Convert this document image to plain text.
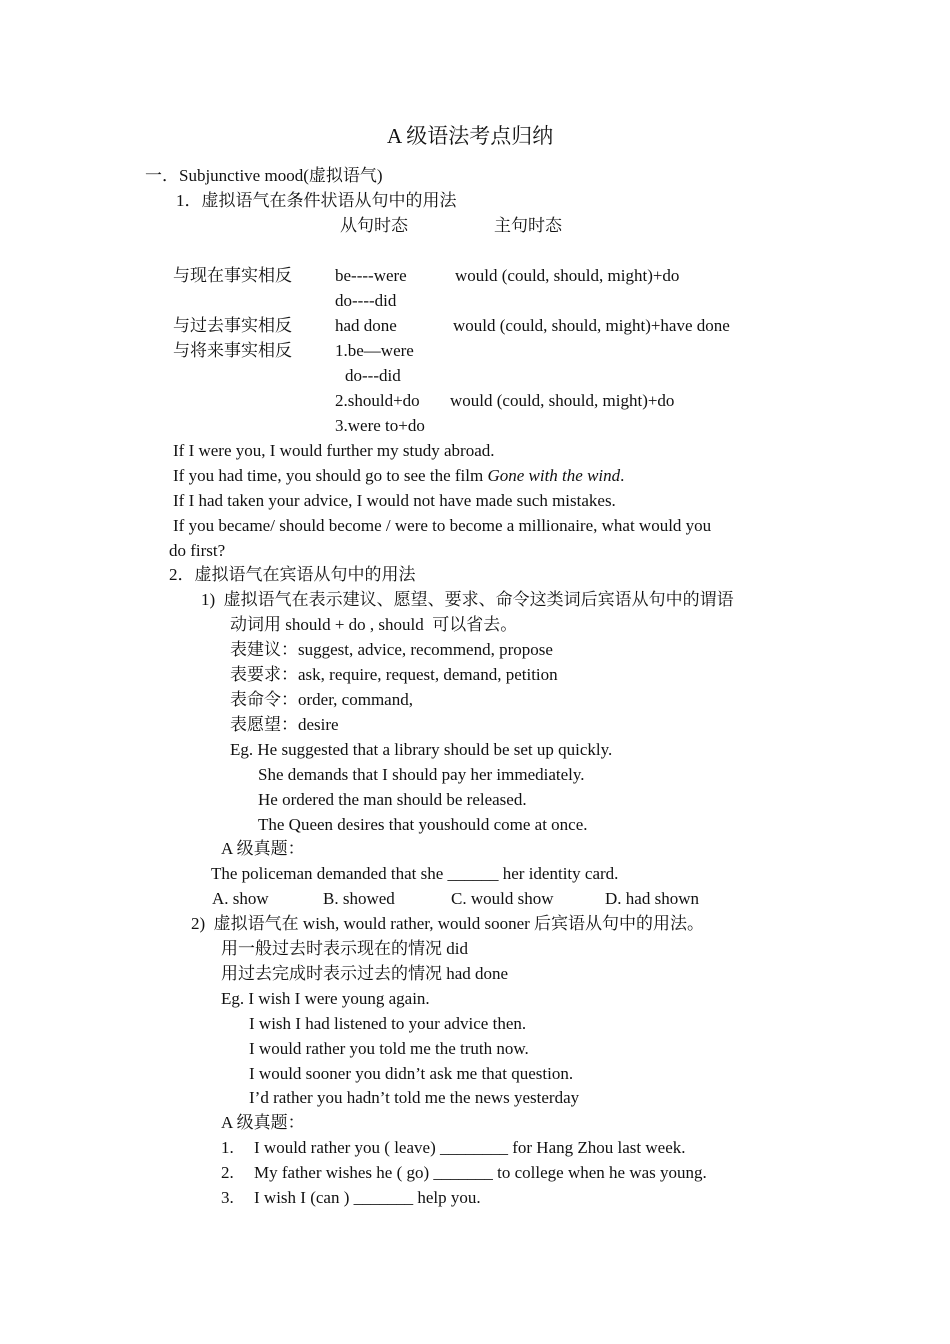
A 级语法考点归纳
一．Subjunctive mood(虚拟语气)
1．虚拟语气在条件状语从句中的用法
从句时态	主句时态
与现在事实相反	be----were	would (could, should, might)+do
do----did
与过去事实相反	had done	would (could, should, might)+have done
与将来事实相反	1.be—were
do---did
2.should+do would (could, should, might)+do
3.were to+do
If I were you, I would further my study abroad.
If you had time, you should go to see the film Gone with the wind.
If I had taken your advice, I would not have made such mistakes.
If you became/ should become / were to become a millionaire, what would you
do first?
2．虚拟语气在宾语从句中的用法
1)  虚拟语气在表示建议、愿望、要求、命令这类词后宾语从句中的谓语
动词用 should + do , should  可以省去。
表建议：suggest, advice, recommend, propose
表要求：ask, require, request, demand, petition
表命令：order, command,
表愿望：desire
Eg. He suggested that a library should be set up quickly.
She demands that I should pay her immediately.
He ordered the man should be released.
The Queen desires that youshould come at once.
A 级真题：
The policeman demanded that she ______ her identity card.
A. show	B. showed	C. would show	D. had shown
2)  虚拟语气在 wish, would rather, would sooner 后宾语从句中的用法。
用一般过去时表示现在的情况 did
用过去完成时表示过去的情况 had done
Eg. I wish I were young again.
I wish I had listened to your advice then.
I would rather you told me the truth now.
I would sooner you didn’t ask me that question.
I’d rather you hadn’t told me the news yesterday
A 级真题：
1. I would rather you ( leave) ________ for Hang Zhou last week.
2. My father wishes he ( go) _______ to college when he was young.
3. I wish I (can ) _______ help you.
